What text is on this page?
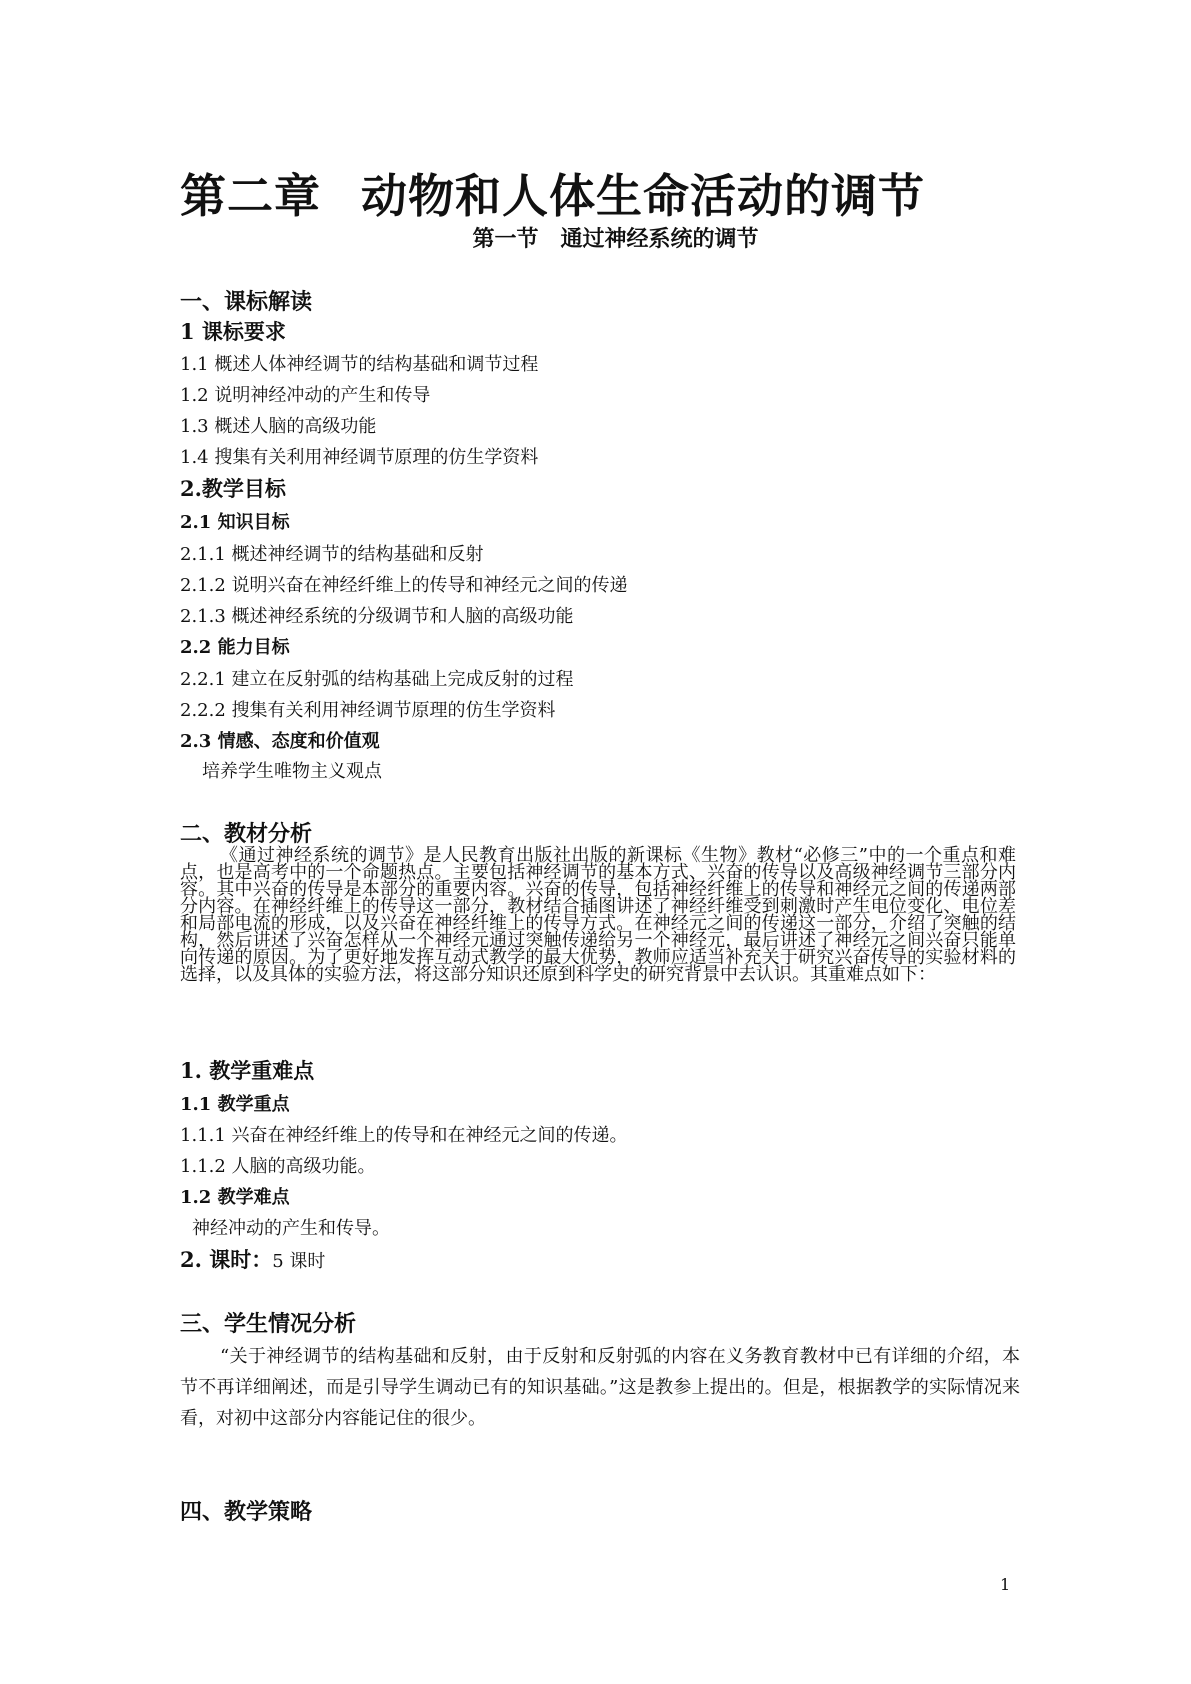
第二章 动物和人体生命活动的调节
第一节 通过神经系统的调节
一、课标解读
1 课标要求
1.1 概述人体神经调节的结构基础和调节过程
1.2 说明神经冲动的产生和传导
1.3 概述人脑的高级功能
1.4 搜集有关利用神经调节原理的仿生学资料
2.教学目标
2.1 知识目标
2.1.1 概述神经调节的结构基础和反射
2.1.2 说明兴奋在神经纤维上的传导和神经元之间的传递
2.1.3 概述神经系统的分级调节和人脑的高级功能
2.2 能力目标
2.2.1 建立在反射弧的结构基础上完成反射的过程
2.2.2 搜集有关利用神经调节原理的仿生学资料
2.3 情感、态度和价值观
培养学生唯物主义观点
二、教材分析
《通过神经系统的调节》是人民教育出版社出版的新课标《生物》教材“必修三”中的一个重点和难点，也是高考中的一个命题热点。主要包括神经调节的基本方式、兴奋的传导以及高级神经调节三部分内容。其中兴奋的传导是本部分的重要内容。兴奋的传导，包括神经纤维上的传导和神经元之间的传递两部分内容。在神经纤维上的传导这一部分，教材结合插图讲述了神经纤维受到刺激时产生电位变化、电位差和局部电流的形成，以及兴奋在神经纤维上的传导方式。在神经元之间的传递这一部分，介绍了突触的结构，然后讲述了兴奋怎样从一个神经元通过突触传递给另一个神经元，最后讲述了神经元之间兴奋只能单向传递的原因。为了更好地发挥互动式教学的最大优势，教师应适当补充关于研究兴奋传导的实验材料的选择，以及具体的实验方法，将这部分知识还原到科学史的研究背景中去认识。其重难点如下：
1. 教学重难点
1.1 教学重点
1.1.1 兴奋在神经纤维上的传导和在神经元之间的传递。
1.1.2 人脑的高级功能。
1.2 教学难点
神经冲动的产生和传导。
2. 课时：5 课时
三、学生情况分析
“关于神经调节的结构基础和反射，由于反射和反射弧的内容在义务教育教材中已有详细的介绍，本节不再详细阐述，而是引导学生调动已有的知识基础。”这是教参上提出的。但是，根据教学的实际情况来看，对初中这部分内容能记住的很少。
四、教学策略
1
